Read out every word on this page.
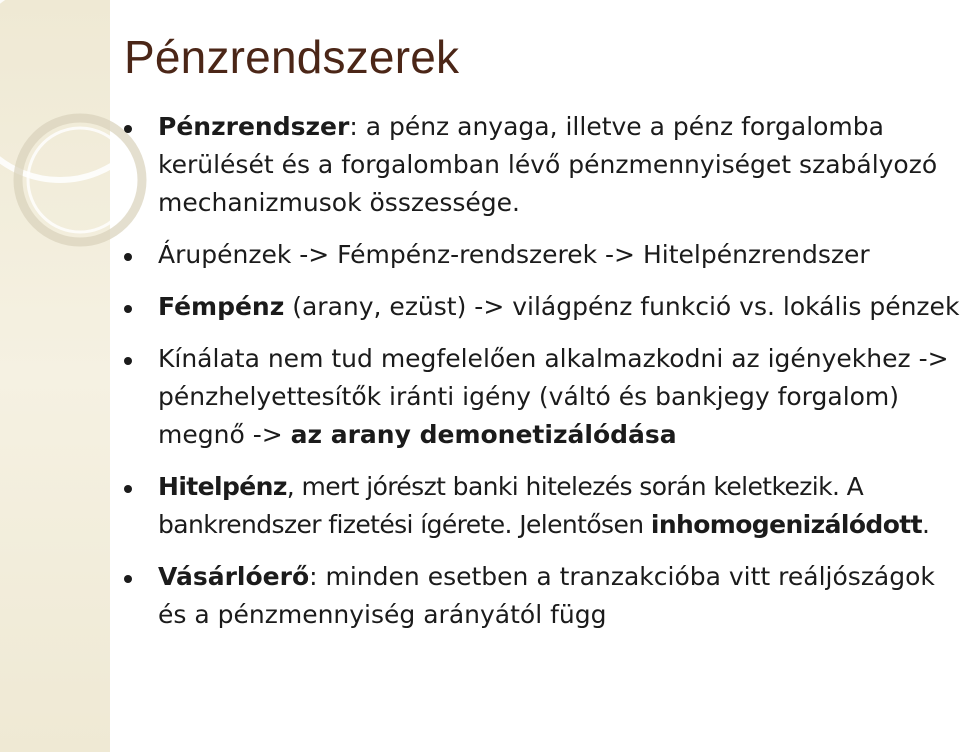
Pénzrendszerek
Pénzrendszer: a pénz anyaga, illetve a pénz forgalomba kerülését és a forgalomban lévő pénzmennyiséget szabályozó mechanizmusok összessége.
Árupénzek -> Fémpénz-rendszerek -> Hitelpénzrendszer
Fémpénz (arany, ezüst) -> világpénz funkció vs. lokális pénzek
Kínálata nem tud megfelelően alkalmazkodni az igényekhez -> pénzhelyettesítők iránti igény (váltó és bankjegy forgalom) megnő -> az arany demonetizálódása
Hitelpénz, mert jórészt banki hitelezés során keletkezik. A bankrendszer fizetési ígérete. Jelentősen inhomogenizálódott.
Vásárlóerő: minden esetben a tranzakcióba vitt reáljószágok és a pénzmennyiség arányától függ
